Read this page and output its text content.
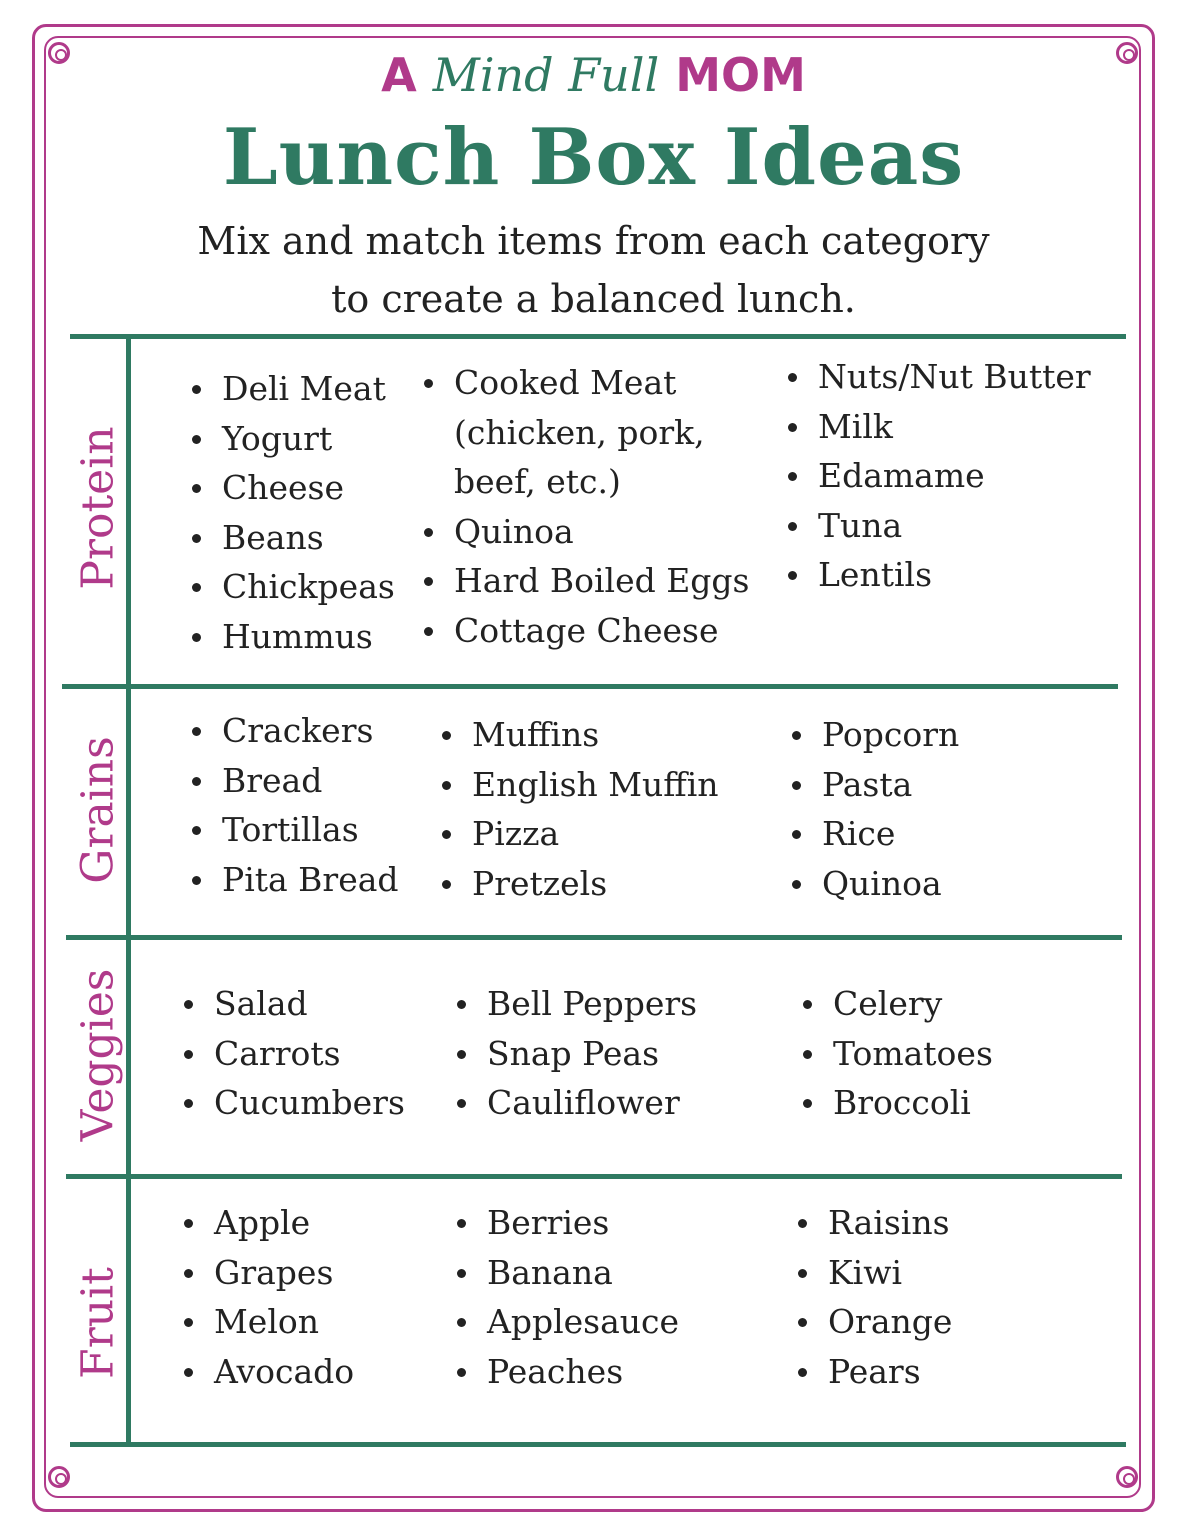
A Mind Full MOM
Lunch Box Ideas
Mix and match items from each category
to create a balanced lunch.
Protein
Grains
Veggies
Fruit
Deli Meat
Yogurt
Cheese
Beans
Chickpeas
Hummus
Cooked Meat
(chicken, pork,
beef, etc.)
Quinoa
Hard Boiled Eggs
Cottage Cheese
Nuts/Nut Butter
Milk
Edamame
Tuna
Lentils
Crackers
Bread
Tortillas
Pita Bread
Muffins
English Muffin
Pizza
Pretzels
Popcorn
Pasta
Rice
Quinoa
Salad
Carrots
Cucumbers
Bell Peppers
Snap Peas
Cauliflower
Celery
Tomatoes
Broccoli
Apple
Grapes
Melon
Avocado
Berries
Banana
Applesauce
Peaches
Raisins
Kiwi
Orange
Pears
